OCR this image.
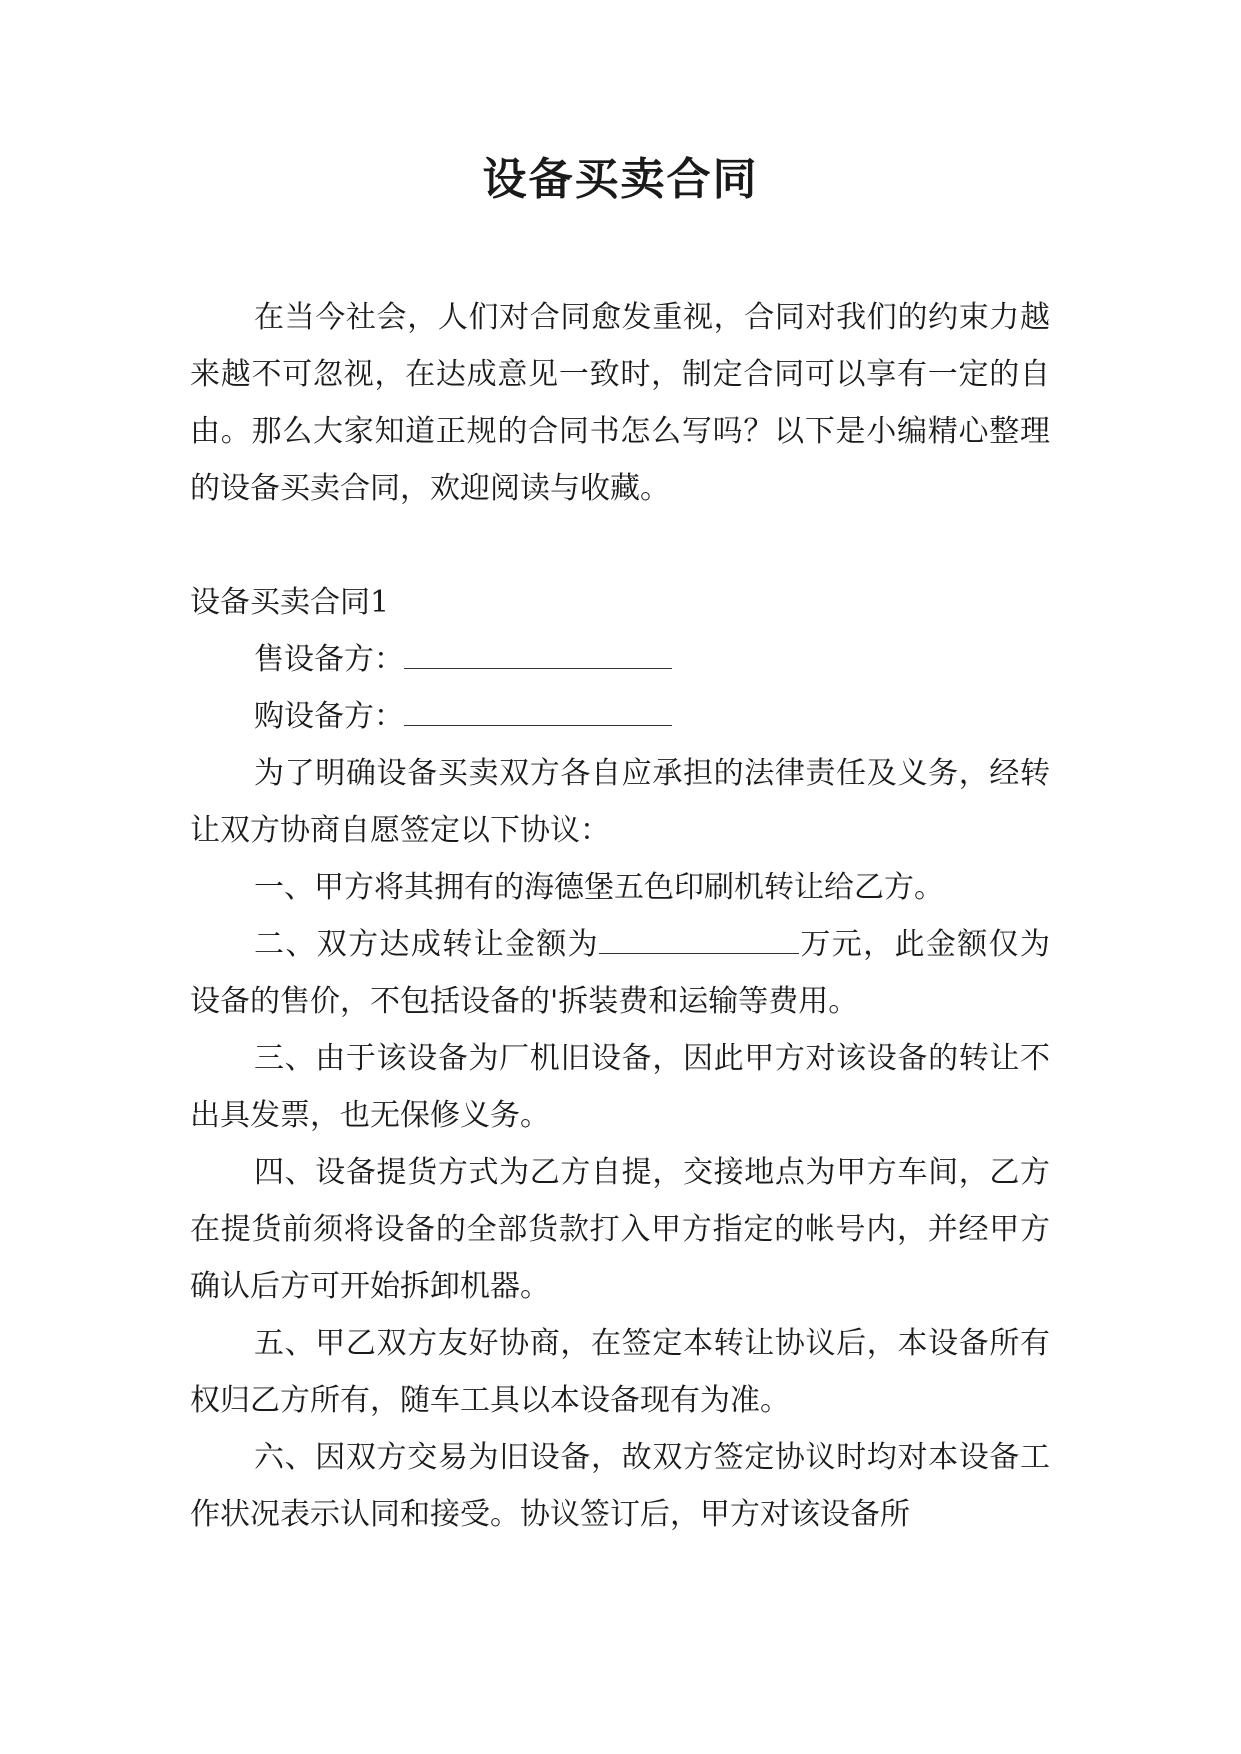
设备买卖合同

在当今社会，人们对合同愈发重视，合同对我们的约束力越来越不可忽视，在达成意见一致时，制定合同可以享有一定的自由。那么大家知道正规的合同书怎么写吗？以下是小编精心整理的设备买卖合同，欢迎阅读与收藏。

设备买卖合同1

售设备方：

购设备方：

为了明确设备买卖双方各自应承担的法律责任及义务，经转让双方协商自愿签定以下协议：

一、甲方将其拥有的海德堡五色印刷机转让给乙方。

二、双方达成转让金额为	万元，此金额仅为设备的售价，不包括设备的'拆装费和运输等费用。

三、由于该设备为厂机旧设备，因此甲方对该设备的转让不出具发票，也无保修义务。

四、设备提货方式为乙方自提，交接地点为甲方车间，乙方在提货前须将设备的全部货款打入甲方指定的帐号内，并经甲方确认后方可开始拆卸机器。

五、甲乙双方友好协商，在签定本转让协议后，本设备所有权归乙方所有，随车工具以本设备现有为准。

六、因双方交易为旧设备，故双方签定协议时均对本设备工作状况表示认同和接受。协议签订后，甲方对该设备所
